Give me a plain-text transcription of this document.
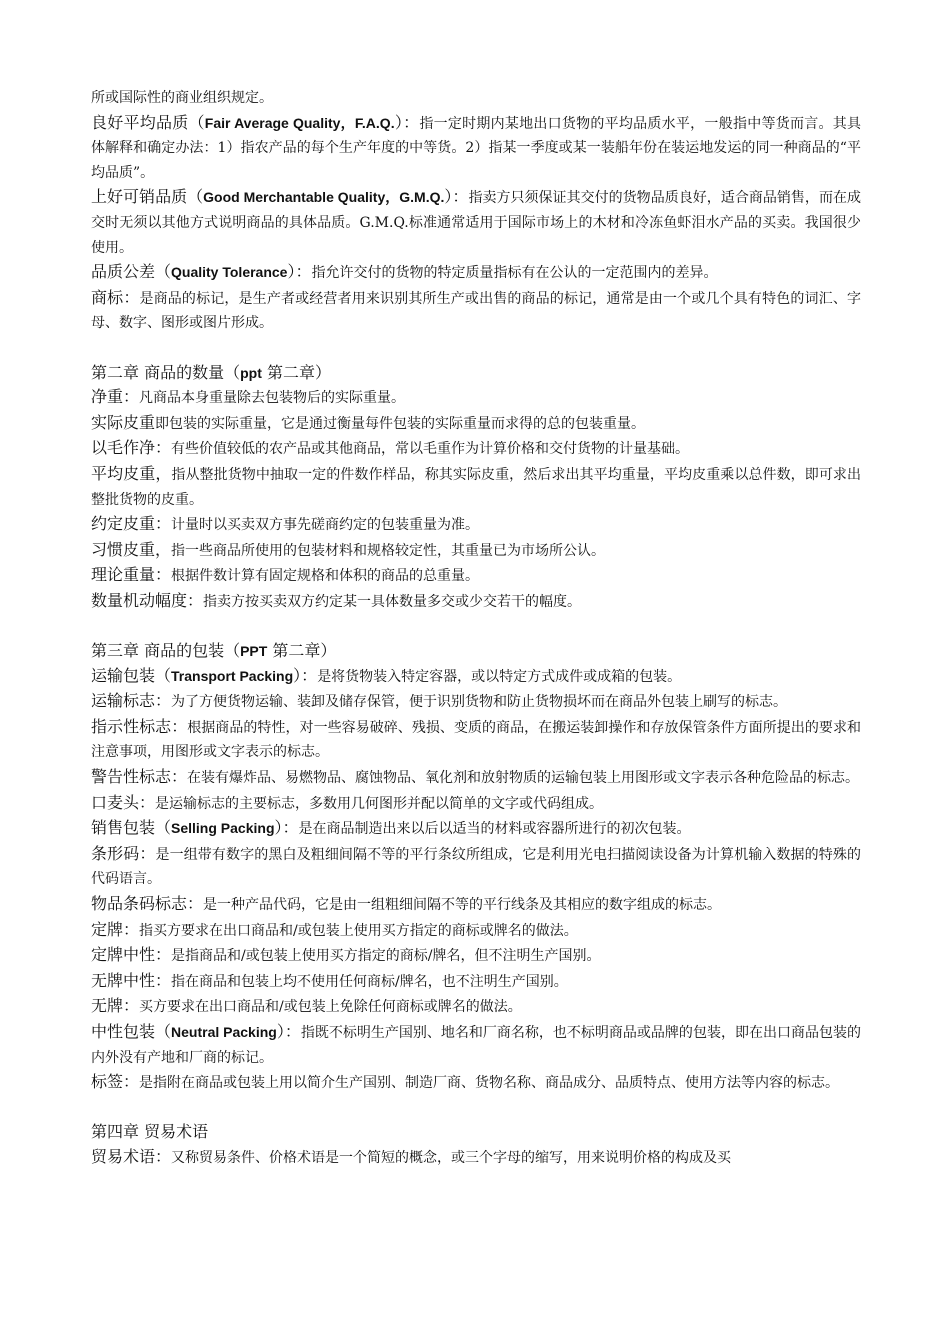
所或国际性的商业组织规定。

良好平均品质（Fair Average Quality，F.A.Q.）：指一定时期内某地出口货物的平均品质水平，一般指中等货而言。其具体解释和确定办法：1）指农产品的每个生产年度的中等货。2）指某一季度或某一装船年份在装运地发运的同一种商品的“平均品质”。

上好可销品质（Good Merchantable Quality，G.M.Q.）：指卖方只须保证其交付的货物品质良好，适合商品销售，而在成交时无须以其他方式说明商品的具体品质。G.M.Q.标准通常适用于国际市场上的木材和冷冻鱼虾泪水产品的买卖。我国很少使用。

品质公差（Quality Tolerance）：指允许交付的货物的特定质量指标有在公认的一定范围内的差异。

商标：是商品的标记，是生产者或经营者用来识别其所生产或出售的商品的标记，通常是由一个或几个具有特色的词汇、字母、数字、图形或图片形成。

第二章 商品的数量（ppt 第二章）

净重：凡商品本身重量除去包装物后的实际重量。

实际皮重即包装的实际重量，它是通过衡量每件包装的实际重量而求得的总的包装重量。

以毛作净：有些价值较低的农产品或其他商品，常以毛重作为计算价格和交付货物的计量基础。

平均皮重，指从整批货物中抽取一定的件数作样品，称其实际皮重，然后求出其平均重量，平均皮重乘以总件数，即可求出整批货物的皮重。

约定皮重：计量时以买卖双方事先磋商约定的包装重量为准。

习惯皮重，指一些商品所使用的包装材料和规格较定性，其重量已为市场所公认。

理论重量：根据件数计算有固定规格和体积的商品的总重量。

数量机动幅度：指卖方按买卖双方约定某一具体数量多交或少交若干的幅度。

第三章 商品的包装（PPT 第二章）

运输包装（Transport Packing）：是将货物装入特定容器，或以特定方式成件或成箱的包装。

运输标志：为了方便货物运输、装卸及储存保管，便于识别货物和防止货物损坏而在商品外包装上刷写的标志。

指示性标志：根据商品的特性，对一些容易破碎、残损、变质的商品，在搬运装卸操作和存放保管条件方面所提出的要求和注意事项，用图形或文字表示的标志。

警告性标志：在装有爆炸品、易燃物品、腐蚀物品、氧化剂和放射物质的运输包装上用图形或文字表示各种危险品的标志。

口麦头：是运输标志的主要标志，多数用几何图形并配以简单的文字或代码组成。

销售包装（Selling Packing）：是在商品制造出来以后以适当的材料或容器所进行的初次包装。

条形码：是一组带有数字的黑白及粗细间隔不等的平行条纹所组成，它是利用光电扫描阅读设备为计算机输入数据的特殊的代码语言。

物品条码标志：是一种产品代码，它是由一组粗细间隔不等的平行线条及其相应的数字组成的标志。

定牌：指买方要求在出口商品和/或包装上使用买方指定的商标或牌名的做法。

定牌中性：是指商品和/或包装上使用买方指定的商标/牌名，但不注明生产国别。

无牌中性：指在商品和包装上均不使用任何商标/牌名，也不注明生产国别。

无牌：买方要求在出口商品和/或包装上免除任何商标或牌名的做法。

中性包装（Neutral Packing）：指既不标明生产国别、地名和厂商名称，也不标明商品或品牌的包装，即在出口商品包装的内外没有产地和厂商的标记。

标签：是指附在商品或包装上用以简介生产国别、制造厂商、货物名称、商品成分、品质特点、使用方法等内容的标志。

第四章 贸易术语

贸易术语：又称贸易条件、价格术语是一个简短的概念，或三个字母的缩写，用来说明价格的构成及买
